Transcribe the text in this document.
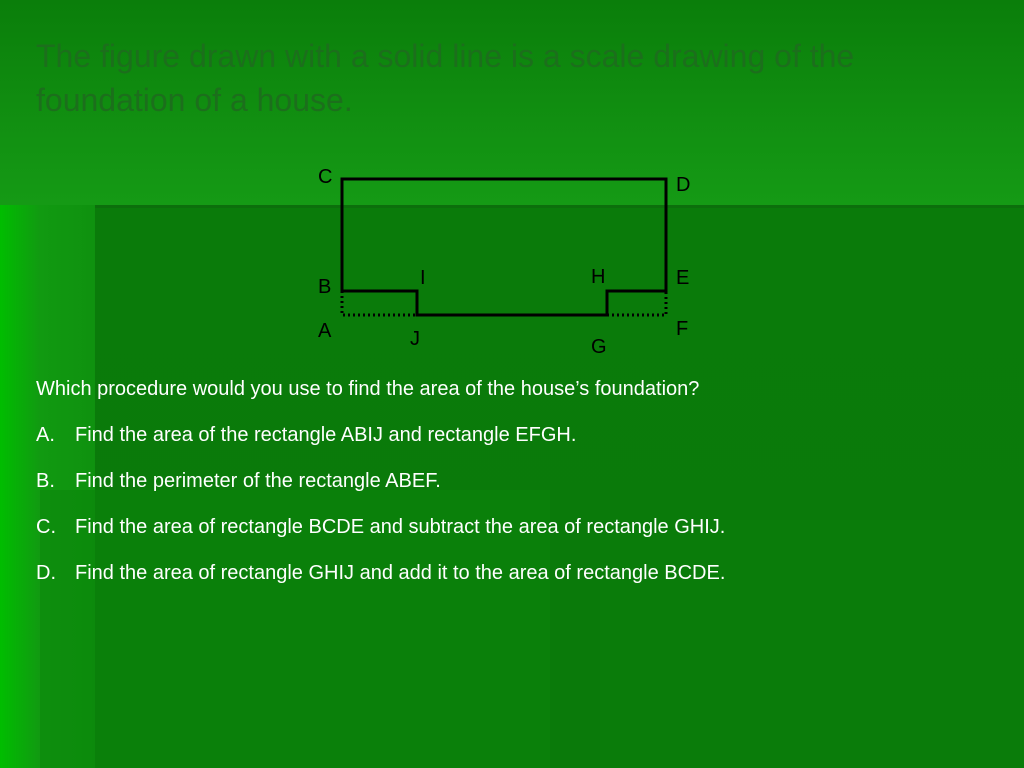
The figure drawn with a solid line is a scale drawing of the foundation of a house.
C	D
B
A
I
J
H
G
E
F

Which procedure would you use to find the area of the house’s foundation?

A.	Find the area of the rectangle ABIJ and rectangle EFGH.
B.	Find the perimeter of the rectangle ABEF.
C. Find the area of rectangle BCDE and subtract the area of rectangle GHIJ.
D. Find the area of rectangle GHIJ and add it to the area of rectangle BCDE.
